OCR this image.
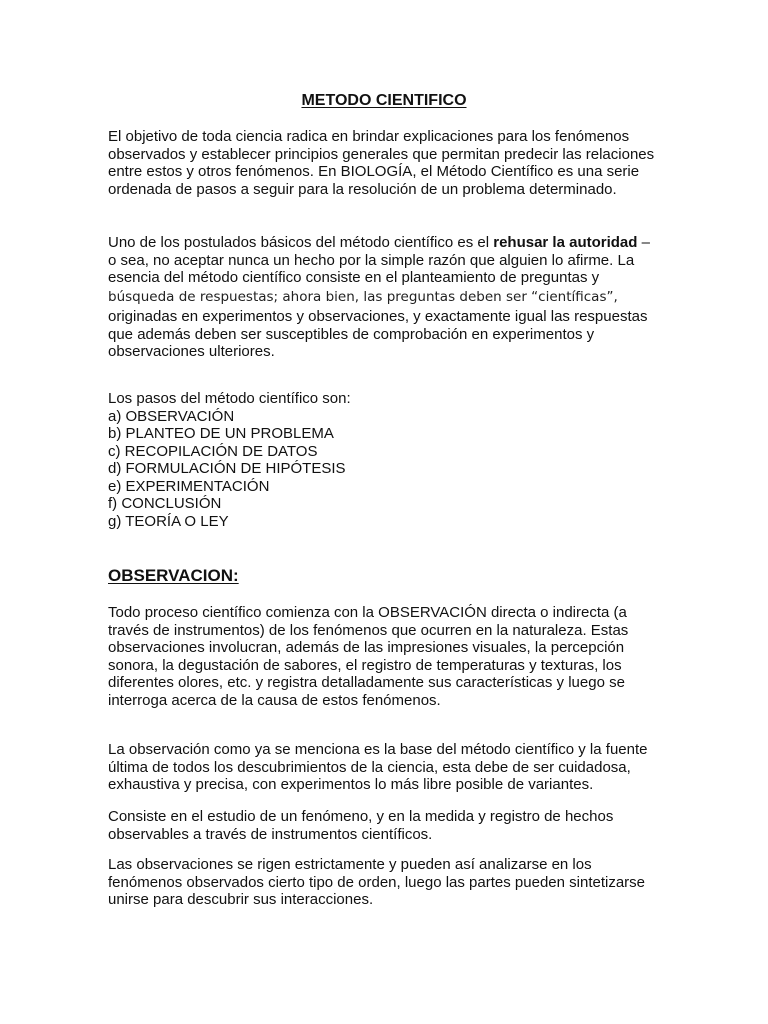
METODO CIENTIFICO
El objetivo de toda ciencia radica en brindar explicaciones para los fenómenos observados y establecer principios generales que permitan predecir las relaciones entre estos y otros fenómenos. En BIOLOGÍA, el Método Científico es una serie ordenada de pasos a seguir para la resolución de un problema determinado.
Uno de los postulados básicos del método científico es el rehusar la autoridad –
o sea, no aceptar nunca un hecho por la simple razón que alguien lo afirme. La
esencia del método científico consiste en el planteamiento de preguntas y
búsqueda de respuestas; ahora bien, las preguntas deben ser “científicas”,
originadas en experimentos y observaciones, y exactamente igual las respuestas
que además deben ser susceptibles de comprobación en experimentos y
observaciones ulteriores.
Los pasos del método científico son:
a) OBSERVACIÓN
b) PLANTEO DE UN PROBLEMA
c) RECOPILACIÓN DE DATOS
d) FORMULACIÓN DE HIPÓTESIS
e) EXPERIMENTACIÓN
f) CONCLUSIÓN
g) TEORÍA O LEY
OBSERVACION:
Todo proceso científico comienza con la OBSERVACIÓN directa o indirecta (a través de instrumentos) de los fenómenos que ocurren en la naturaleza. Estas observaciones involucran, además de las impresiones visuales, la percepción sonora, la degustación de sabores, el registro de temperaturas y texturas, los diferentes olores, etc. y registra detalladamente sus características y luego se interroga acerca de la causa de estos fenómenos.
La observación como ya se menciona es la base del método científico y la fuente última de todos los descubrimientos de la ciencia, esta debe de ser cuidadosa, exhaustiva y precisa, con experimentos lo más libre posible de variantes.
Consiste en el estudio de un fenómeno, y en la medida y registro de hechos observables a través de instrumentos científicos.
Las observaciones se rigen estrictamente y pueden así analizarse en los fenómenos observados cierto tipo de orden, luego las partes pueden sintetizarse unirse para descubrir sus interacciones.
